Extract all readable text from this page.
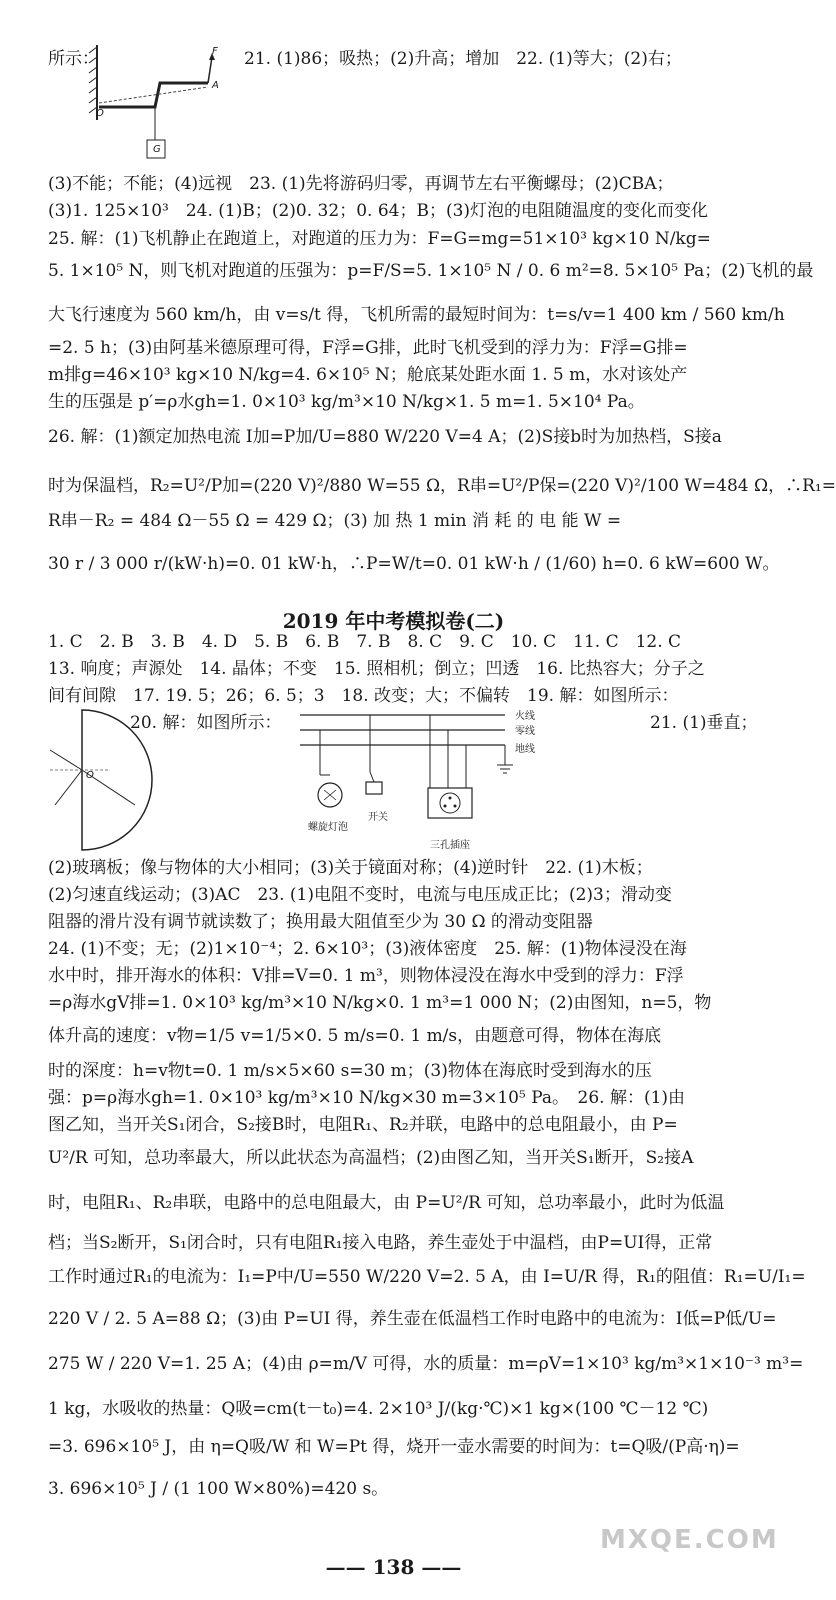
F
A
O
G
所示：	21. (1)86；吸热；(2)升高；增加　22. (1)等大；(2)右；
(3)不能；不能；(4)远视　23. (1)先将游码归零，再调节左右平衡螺母；(2)CBA；
(3)1. 125×10³　24. (1)B；(2)0. 32；0. 64；B；(3)灯泡的电阻随温度的变化而变化
25. 解：(1)飞机静止在跑道上，对跑道的压力为：F=G=mg=51×10³ kg×10 N/kg=
5. 1×10⁵ N，则飞机对跑道的压强为：p=F/S=5. 1×10⁵ N / 0. 6 m²=8. 5×10⁵ Pa；(2)飞机的最
大飞行速度为 560 km/h，由 v=s/t 得，飞机所需的最短时间为：t=s/v=1 400 km / 560 km/h
=2. 5 h；(3)由阿基米德原理可得，F浮=G排，此时飞机受到的浮力为：F浮=G排=
m排g=46×10³ kg×10 N/kg=4. 6×10⁵ N；舱底某处距水面 1. 5 m，水对该处产
生的压强是 p′=ρ水gh=1. 0×10³ kg/m³×10 N/kg×1. 5 m=1. 5×10⁴ Pa。
26. 解：(1)额定加热电流 I加=P加/U=880 W/220 V=4 A；(2)S接b时为加热档，S接a
时为保温档，R₂=U²/P加=(220 V)²/880 W=55 Ω，R串=U²/P保=(220 V)²/100 W=484 Ω，∴R₁=
R串－R₂ = 484 Ω－55 Ω = 429 Ω；(3) 加 热 1 min 消 耗 的 电 能 W =
30 r / 3 000 r/(kW·h)=0. 01 kW·h，∴P=W/t=0. 01 kW·h / (1/60) h=0. 6 kW=600 W。
2019 年中考模拟卷(二)
1. C　2. B　3. B　4. D　5. B　6. B　7. B　8. C　9. C　10. C　11. C　12. C
13. 响度；声源处　14. 晶体；不变　15. 照相机；倒立；凹透　16. 比热容大；分子之
间有间隙　17. 19. 5；26；6. 5；3　18. 改变；大；不偏转　19. 解：如图所示：
20. 解：如图所示：	21. (1)垂直；
O
火线
零线
地线
开关
螺旋灯泡
三孔插座
(2)玻璃板；像与物体的大小相同；(3)关于镜面对称；(4)逆时针　22. (1)木板；
(2)匀速直线运动；(3)AC　23. (1)电阻不变时，电流与电压成正比；(2)3；滑动变
阻器的滑片没有调节就读数了；换用最大阻值至少为 30 Ω 的滑动变阻器
24. (1)不变；无；(2)1×10⁻⁴；2. 6×10³；(3)液体密度　25. 解：(1)物体浸没在海
水中时，排开海水的体积：V排=V=0. 1 m³，则物体浸没在海水中受到的浮力：F浮
=ρ海水gV排=1. 0×10³ kg/m³×10 N/kg×0. 1 m³=1 000 N；(2)由图知，n=5，物
体升高的速度：v物=1/5 v=1/5×0. 5 m/s=0. 1 m/s，由题意可得，物体在海底
时的深度：h=v物t=0. 1 m/s×5×60 s=30 m；(3)物体在海底时受到海水的压
强：p=ρ海水gh=1. 0×10³ kg/m³×10 N/kg×30 m=3×10⁵ Pa。　26. 解：(1)由
图乙知，当开关S₁闭合，S₂接B时，电阻R₁、R₂并联，电路中的总电阻最小，由 P=
U²/R 可知，总功率最大，所以此状态为高温档；(2)由图乙知，当开关S₁断开，S₂接A
时，电阻R₁、R₂串联，电路中的总电阻最大，由 P=U²/R 可知，总功率最小，此时为低温
档；当S₂断开，S₁闭合时，只有电阻R₁接入电路，养生壶处于中温档，由P=UI得，正常
工作时通过R₁的电流为：I₁=P中/U=550 W/220 V=2. 5 A，由 I=U/R 得，R₁的阻值：R₁=U/I₁=
220 V / 2. 5 A=88 Ω；(3)由 P=UI 得，养生壶在低温档工作时电路中的电流为：I低=P低/U=
275 W / 220 V=1. 25 A；(4)由 ρ=m/V 可得，水的质量：m=ρV=1×10³ kg/m³×1×10⁻³ m³=
1 kg，水吸收的热量：Q吸=cm(t－t₀)=4. 2×10³ J/(kg·℃)×1 kg×(100 ℃－12 ℃)
=3. 696×10⁵ J，由 η=Q吸/W 和 W=Pt 得，烧开一壶水需要的时间为：t=Q吸/(P高·η)=
3. 696×10⁵ J / (1 100 W×80%)=420 s。
—— 138 ——
MXQE.COM
